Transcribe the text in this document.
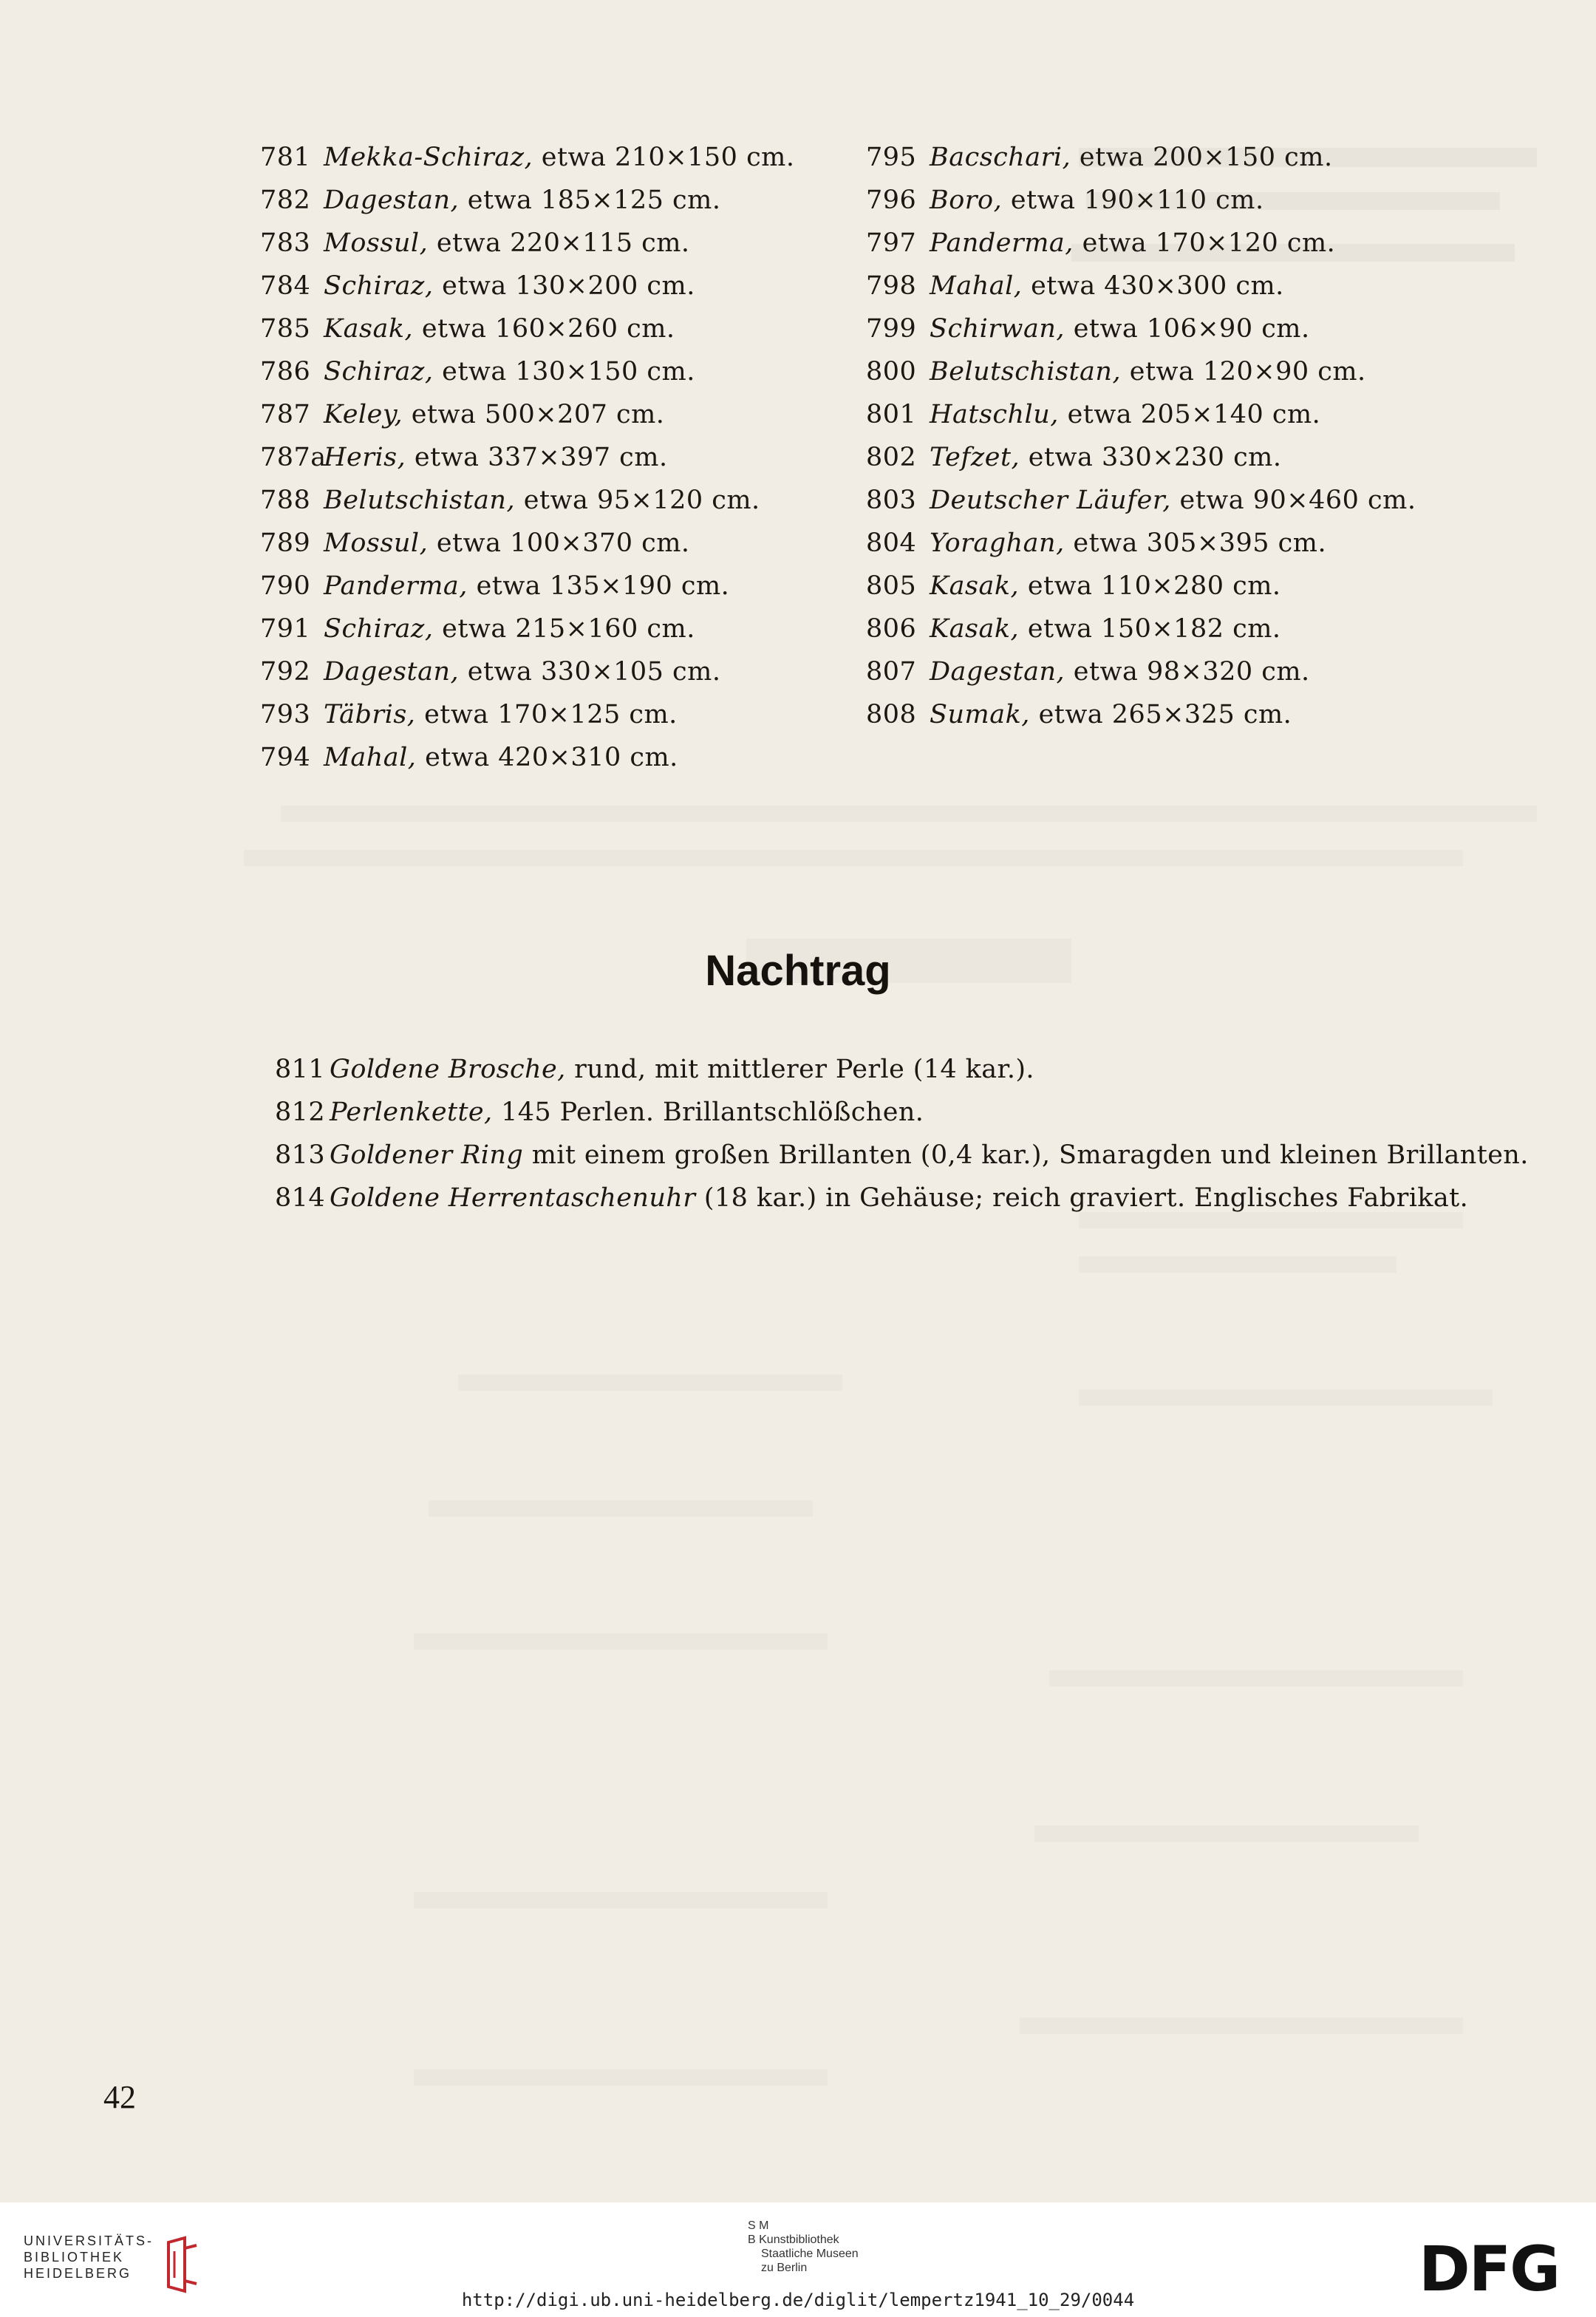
781 Mekka-Schiraz, etwa 210×150 cm.
782 Dagestan, etwa 185×125 cm.
783 Mossul, etwa 220×115 cm.
784 Schiraz, etwa 130×200 cm.
785 Kasak, etwa 160×260 cm.
786 Schiraz, etwa 130×150 cm.
787 Keley, etwa 500×207 cm.
787aHeris, etwa 337×397 cm.
788 Belutschistan, etwa 95×120 cm.
789 Mossul, etwa 100×370 cm.
790 Panderma, etwa 135×190 cm.
791 Schiraz, etwa 215×160 cm.
792 Dagestan, etwa 330×105 cm.
793 Täbris, etwa 170×125 cm.
794 Mahal, etwa 420×310 cm.
795 Bacschari, etwa 200×150 cm.
796 Boro, etwa 190×110 cm.
797 Panderma, etwa 170×120 cm.
798 Mahal, etwa 430×300 cm.
799 Schirwan, etwa 106×90 cm.
800 Belutschistan, etwa 120×90 cm.
801 Hatschlu, etwa 205×140 cm.
802 Tefzet, etwa 330×230 cm.
803 Deutscher Läufer, etwa 90×460 cm.
804 Yoraghan, etwa 305×395 cm.
805 Kasak, etwa 110×280 cm.
806 Kasak, etwa 150×182 cm.
807 Dagestan, etwa 98×320 cm.
808 Sumak, etwa 265×325 cm.
Nachtrag
811 Goldene Brosche, rund, mit mittlerer Perle (14 kar.).
812 Perlenkette, 145 Perlen. Brillantschlößchen.
813 Goldener Ring mit einem großen Brillanten (0,4 kar.), Smaragden und kleinen Brillanten.
814 Goldene Herrentaschenuhr (18 kar.) in Gehäuse; reich graviert. Englisches Fabrikat.
42
UNIVERSITÄTS-
BIBLIOTHEK
HEIDELBERG
S M
B Kunstbibliothek
Staatliche Museen
zu Berlin	DFG
http://digi.ub.uni-heidelberg.de/diglit/lempertz1941_10_29/0044
